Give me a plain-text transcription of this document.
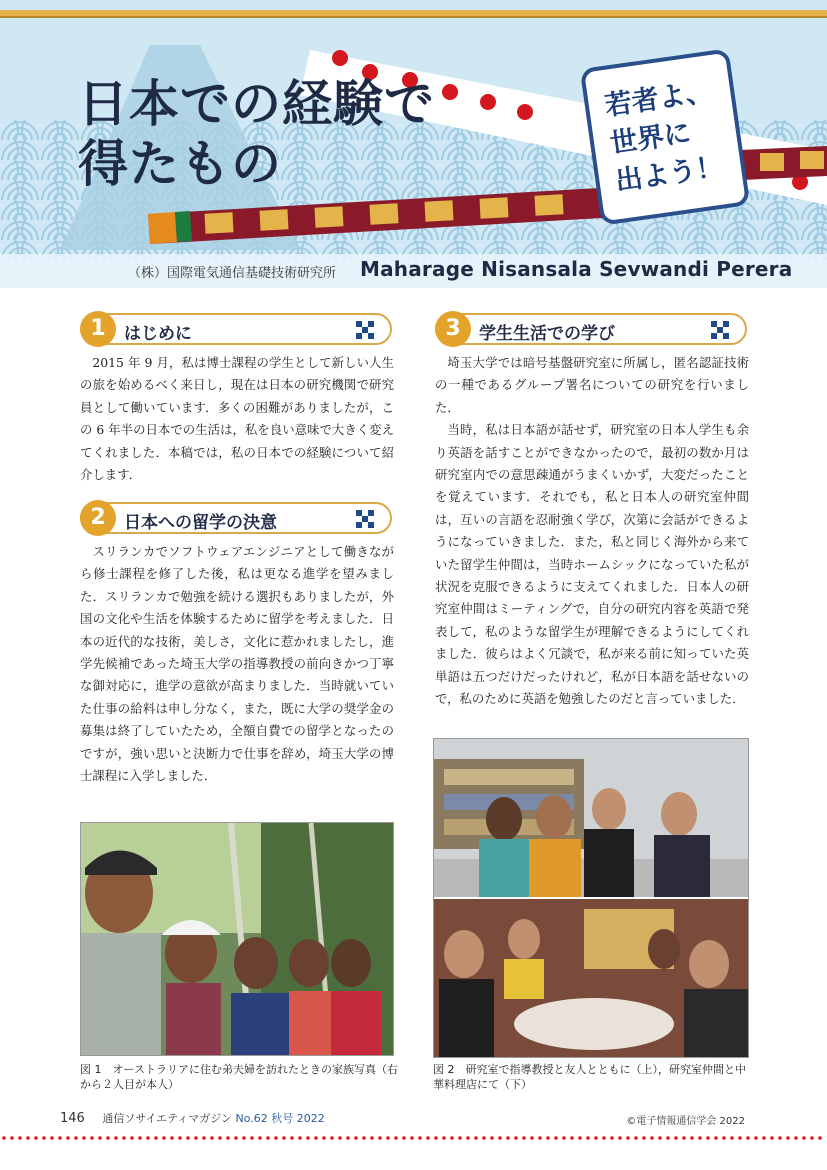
日本での経験で
得たもの
若者よ、
世界に
出よう！
（株）国際電気通信基礎技術研究所 Maharage Nisansala Sevwandi Perera
1	はじめに

2015 年 9 月，私は博士課程の学生として新しい人生の旅を始めるべく来日し，現在は日本の研究機関で研究員として働いています．多くの困難がありましたが，この 6 年半の日本での生活は，私を良い意味で大きく変えてくれました．本稿では，私の日本での経験について紹介します．

2	日本への留学の決意

スリランカでソフトウェアエンジニアとして働きながら修士課程を修了した後，私は更なる進学を望みました．スリランカで勉強を続ける選択もありましたが，外国の文化や生活を体験するために留学を考えました．日本の近代的な技術，美しさ，文化に惹かれましたし，進学先候補であった埼玉大学の指導教授の前向きかつ丁寧な御対応に，進学の意欲が高まりました．当時就いていた仕事の給料は申し分なく，また，既に大学の奨学金の募集は終了していたため，全額自費での留学となったのですが，強い思いと決断力で仕事を辞め，埼玉大学の博士課程に入学しました．

図 1　オーストラリアに住む弟夫婦を訪れたときの家族写真（右から２人目が本人）
3	学生生活での学び

埼玉大学では暗号基盤研究室に所属し，匿名認証技術の一種であるグループ署名についての研究を行いました．

当時，私は日本語が話せず，研究室の日本人学生も余り英語を話すことができなかったので，最初の数か月は研究室内での意思疎通がうまくいかず，大変だったことを覚えています．それでも，私と日本人の研究室仲間は，互いの言語を忍耐強く学び，次第に会話ができるようになっていきました．また，私と同じく海外から来ていた留学生仲間は，当時ホームシックになっていた私が状況を克服できるように支えてくれました．日本人の研究室仲間はミーティングで，自分の研究内容を英語で発表して，私のような留学生が理解できるようにしてくれました．彼らはよく冗談で，私が来る前に知っていた英単語は五つだけだったけれど，私が日本語を話せないので，私のために英語を勉強したのだと言っていました．

図 2　研究室で指導教授と友人とともに（上），研究室仲間と中華料理店にて（下）
146 通信ソサイエティマガジン No.62 秋号 2022	©電子情報通信学会 2022
